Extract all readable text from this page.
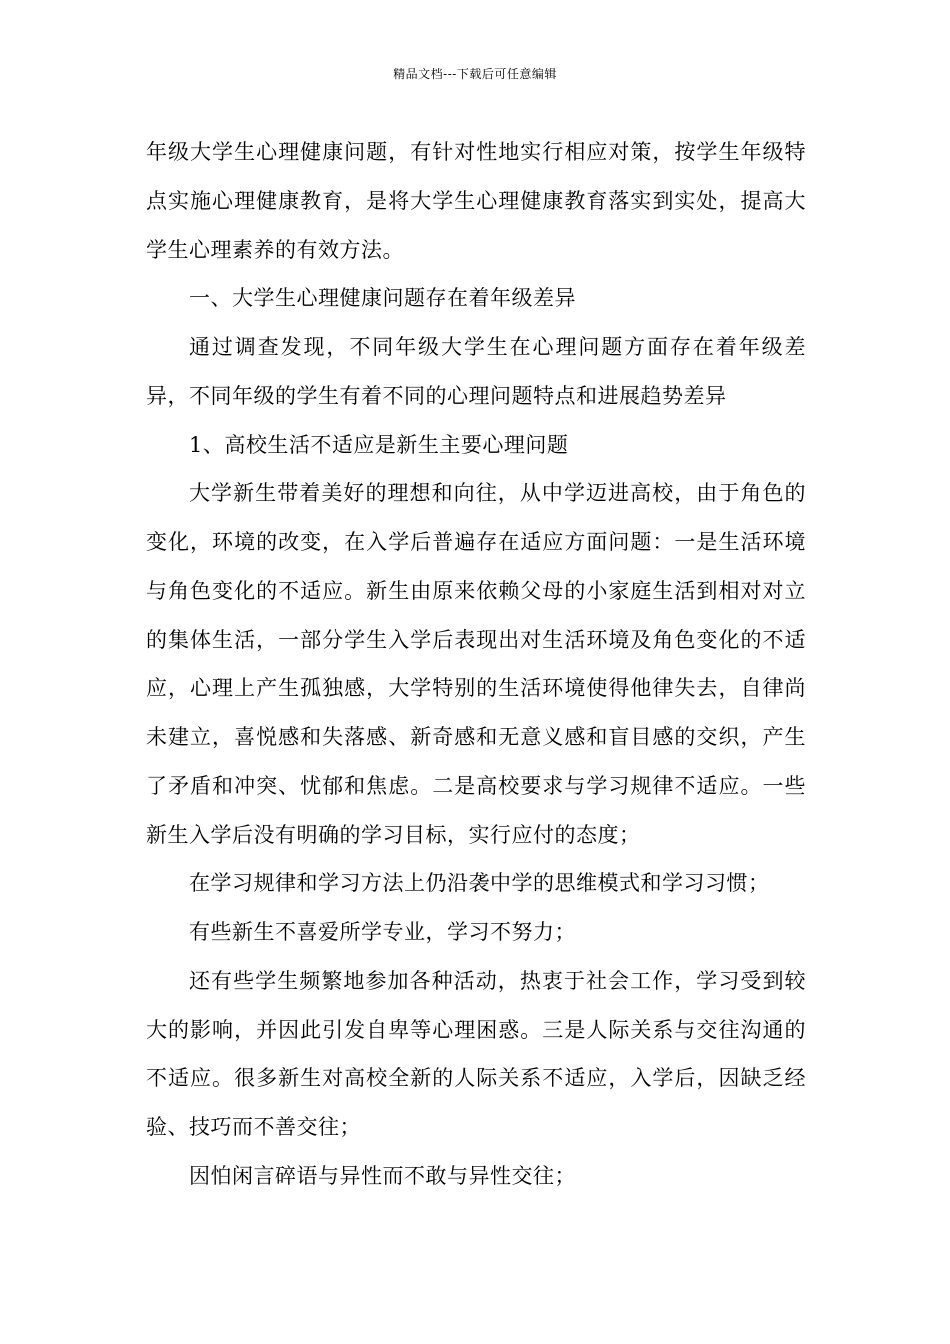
精品文档---下载后可任意编辑

年级大学生心理健康问题，有针对性地实行相应对策，按学生年级特点实施心理健康教育，是将大学生心理健康教育落实到实处，提高大学生心理素养的有效方法。

一、大学生心理健康问题存在着年级差异

通过调查发现，不同年级大学生在心理问题方面存在着年级差异，不同年级的学生有着不同的心理问题特点和进展趋势差异

1、高校生活不适应是新生主要心理问题

大学新生带着美好的理想和向往，从中学迈进高校，由于角色的变化，环境的改变，在入学后普遍存在适应方面问题：一是生活环境与角色变化的不适应。新生由原来依赖父母的小家庭生活到相对对立的集体生活，一部分学生入学后表现出对生活环境及角色变化的不适应，心理上产生孤独感，大学特别的生活环境使得他律失去，自律尚未建立，喜悦感和失落感、新奇感和无意义感和盲目感的交织，产生了矛盾和冲突、忧郁和焦虑。二是高校要求与学习规律不适应。一些新生入学后没有明确的学习目标，实行应付的态度；

在学习规律和学习方法上仍沿袭中学的思维模式和学习习惯；

有些新生不喜爱所学专业，学习不努力；

还有些学生频繁地参加各种活动，热衷于社会工作，学习受到较大的影响，并因此引发自卑等心理困惑。三是人际关系与交往沟通的不适应。很多新生对高校全新的人际关系不适应，入学后，因缺乏经验、技巧而不善交往；

因怕闲言碎语与异性而不敢与异性交往；
